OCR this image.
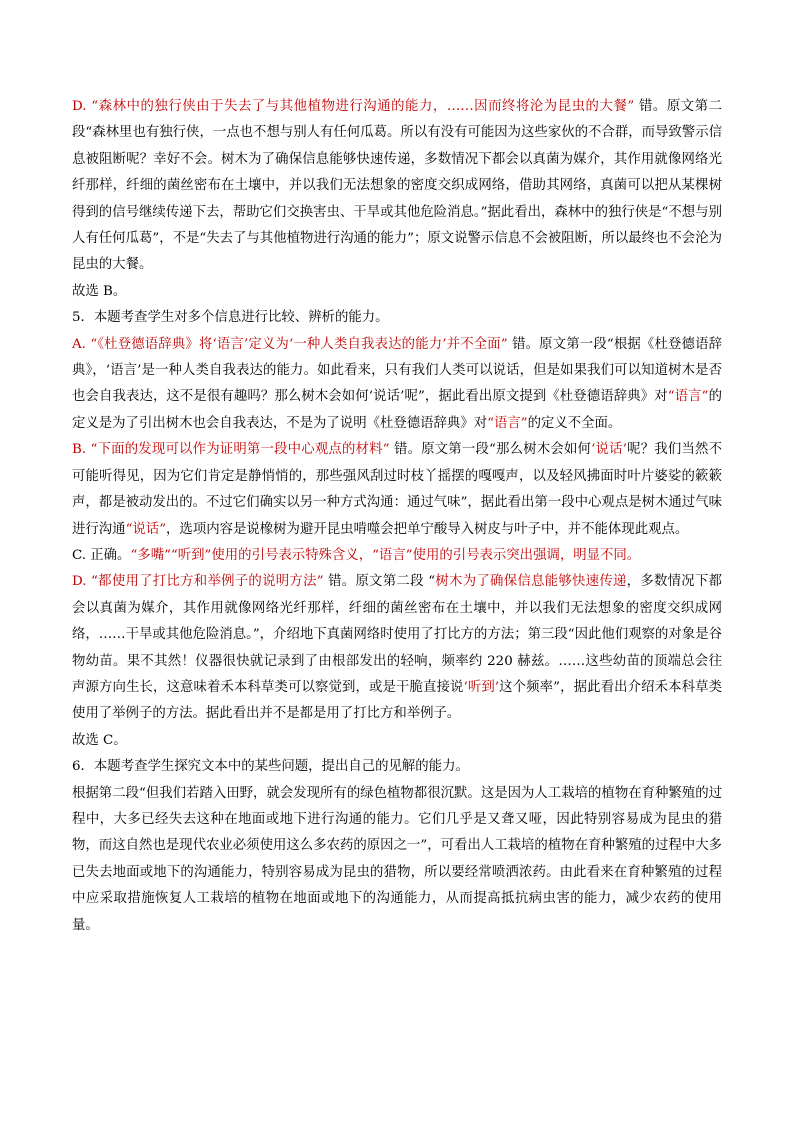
D. “森林中的独行侠由于失去了与其他植物进行沟通的能力，……因而终将沦为昆虫的大餐” 错。原文第二段“森林里也有独行侠，一点也不想与别人有任何瓜葛。所以有没有可能因为这些家伙的不合群，而导致警示信息被阻断呢？幸好不会。树木为了确保信息能够快速传递，多数情况下都会以真菌为媒介，其作用就像网络光纤那样，纤细的菌丝密布在土壤中，并以我们无法想象的密度交织成网络，借助其网络，真菌可以把从某棵树得到的信号继续传递下去，帮助它们交换害虫、干旱或其他危险消息。”据此看出，森林中的独行侠是“不想与别人有任何瓜葛”，不是“失去了与其他植物进行沟通的能力”；原文说警示信息不会被阻断，所以最终也不会沦为昆虫的大餐。

故选 B。

5．本题考查学生对多个信息进行比较、辨析的能力。

A. “《杜登德语辞典》将‘语言’定义为‘一种人类自我表达的能力’并不全面” 错。原文第一段“根据《杜登德语辞典》，‘语言’是一种人类自我表达的能力。如此看来，只有我们人类可以说话，但是如果我们可以知道树木是否也会自我表达，这不是很有趣吗？那么树木会如何‘说话’呢”，据此看出原文提到《杜登德语辞典》对“语言”的定义是为了引出树木也会自我表达，不是为了说明《杜登德语辞典》对“语言”的定义不全面。

B. “下面的发现可以作为证明第一段中心观点的材料” 错。原文第一段“那么树木会如何‘说话’呢？我们当然不可能听得见，因为它们肯定是静悄悄的，那些强风刮过时枝丫摇摆的嘎嘎声，以及轻风拂面时叶片婆娑的簌簌声，都是被动发出的。不过它们确实以另一种方式沟通：通过气味”，据此看出第一段中心观点是树木通过气味进行沟通“说话”，选项内容是说橡树为避开昆虫啃噬会把单宁酸导入树皮与叶子中，并不能体现此观点。

C. 正确。“多嘴”“听到”使用的引号表示特殊含义，“语言”使用的引号表示突出强调，明显不同。

D. “都使用了打比方和举例子的说明方法” 错。原文第二段 “树木为了确保信息能够快速传递，多数情况下都会以真菌为媒介，其作用就像网络光纤那样，纤细的菌丝密布在土壤中，并以我们无法想象的密度交织成网络，……干旱或其他危险消息。”，介绍地下真菌网络时使用了打比方的方法；第三段“因此他们观察的对象是谷物幼苗。果不其然！仪器很快就记录到了由根部发出的轻响，频率约 220 赫兹。……这些幼苗的顶端总会往声源方向生长，这意味着禾本科草类可以察觉到，或是干脆直接说‘听到’这个频率”，据此看出介绍禾本科草类使用了举例子的方法。据此看出并不是都是用了打比方和举例子。

故选 C。

6．本题考查学生探究文本中的某些问题，提出自己的见解的能力。

根据第二段“但我们若踏入田野，就会发现所有的绿色植物都很沉默。这是因为人工栽培的植物在育种繁殖的过程中，大多已经失去这种在地面或地下进行沟通的能力。它们几乎是又聋又哑，因此特别容易成为昆虫的猎物，而这自然也是现代农业必须使用这么多农药的原因之一”，可看出人工栽培的植物在育种繁殖的过程中大多已失去地面或地下的沟通能力，特别容易成为昆虫的猎物，所以要经常喷洒浓药。由此看来在育种繁殖的过程中应采取措施恢复人工栽培的植物在地面或地下的沟通能力，从而提高抵抗病虫害的能力，减少农药的使用量。
